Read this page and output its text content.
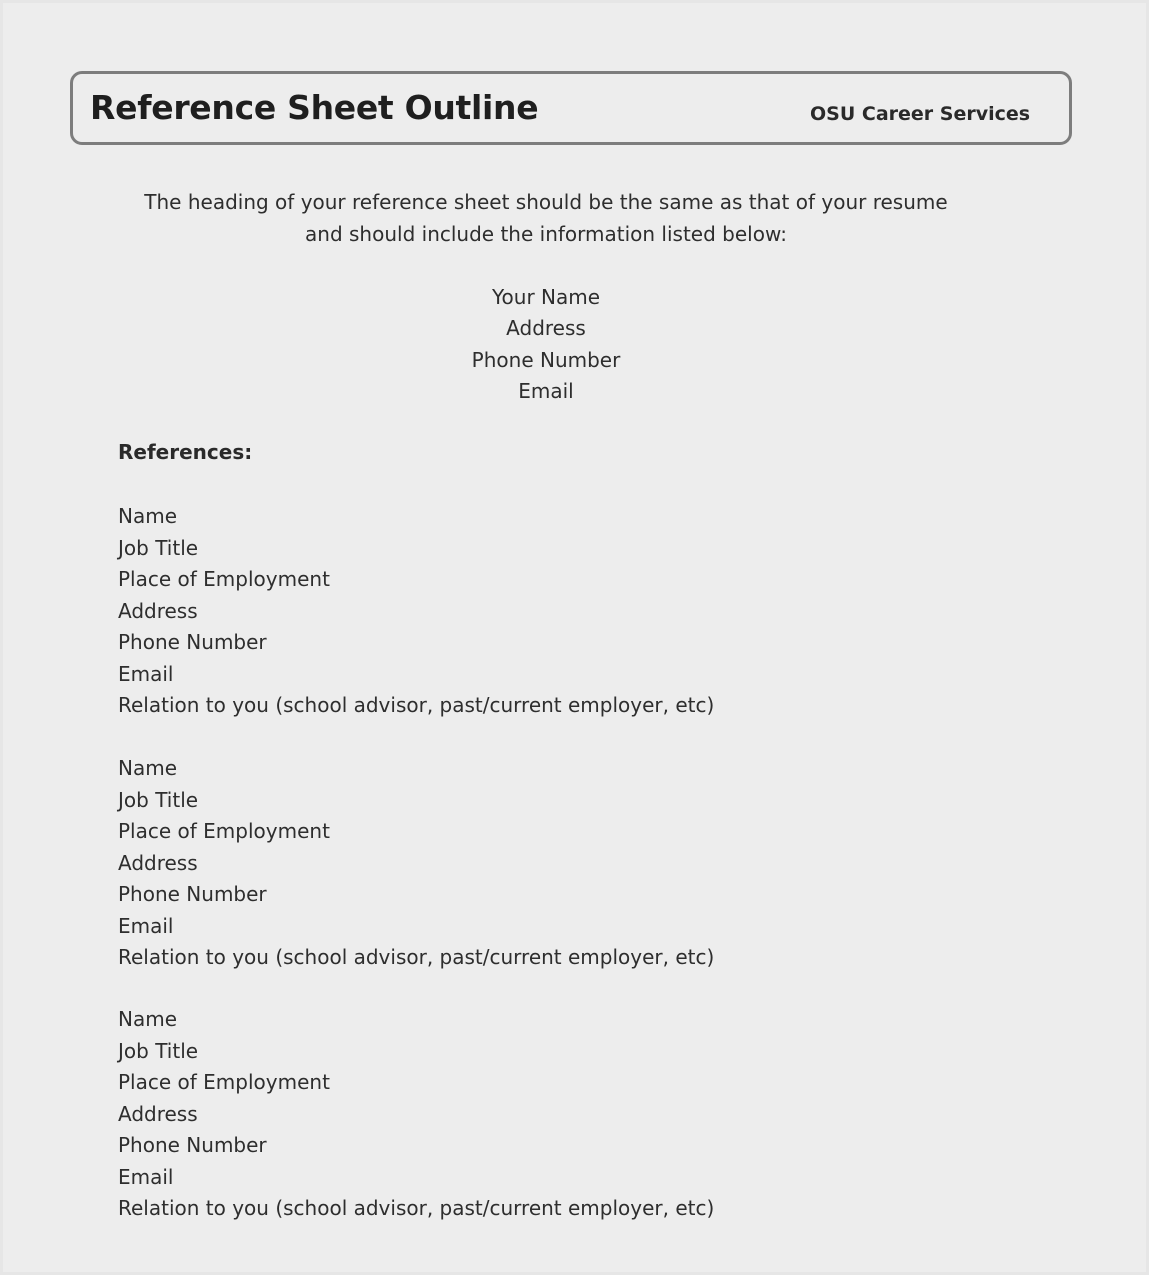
Reference Sheet Outline	OSU Career Services
The heading of your reference sheet should be the same as that of your resume
and should include the information listed below:
Your Name
Address
Phone Number
Email
References:
Name
Job Title
Place of Employment
Address
Phone Number
Email
Relation to you (school advisor, past/current employer, etc)
Name
Job Title
Place of Employment
Address
Phone Number
Email
Relation to you (school advisor, past/current employer, etc)
Name
Job Title
Place of Employment
Address
Phone Number
Email
Relation to you (school advisor, past/current employer, etc)
